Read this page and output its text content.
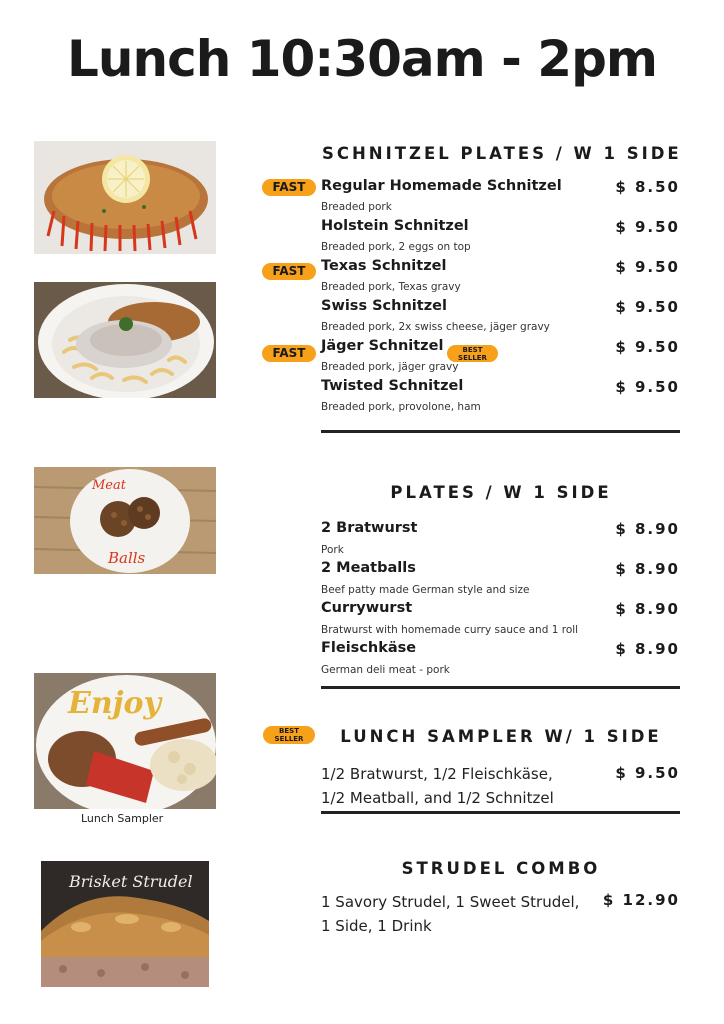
Lunch 10:30am - 2pm
Meat
Balls
Enjoy
Lunch Sampler
Brisket Strudel
SCHNITZEL PLATES / W 1 SIDE
FAST	Regular Homemade Schnitzel
Breaded pork
$ 8.50
Holstein Schnitzel
Breaded pork, 2 eggs on top
$ 9.50
FAST	Texas Schnitzel
Breaded pork, Texas gravy
$ 9.50
Swiss Schnitzel
Breaded pork, 2x swiss cheese, jäger gravy
$ 9.50
FAST	Jäger Schnitzel	BEST
SELLER
Breaded pork, jäger gravy
$ 9.50
Twisted Schnitzel
Breaded pork, provolone, ham
$ 9.50
PLATES / W 1 SIDE
2 Bratwurst
Pork
$ 8.90
2 Meatballs
Beef patty made German style and size
$ 8.90
Currywurst
Bratwurst with homemade curry sauce and 1 roll
$ 8.90
Fleischkäse
German deli meat - pork
$ 8.90
BEST
SELLER	LUNCH SAMPLER W/ 1 SIDE
1/2 Bratwurst, 1/2 Fleischkäse,
1/2 Meatball, and 1/2 Schnitzel
$ 9.50
STRUDEL COMBO
1 Savory Strudel, 1 Sweet Strudel,
1 Side, 1 Drink
$ 12.90
